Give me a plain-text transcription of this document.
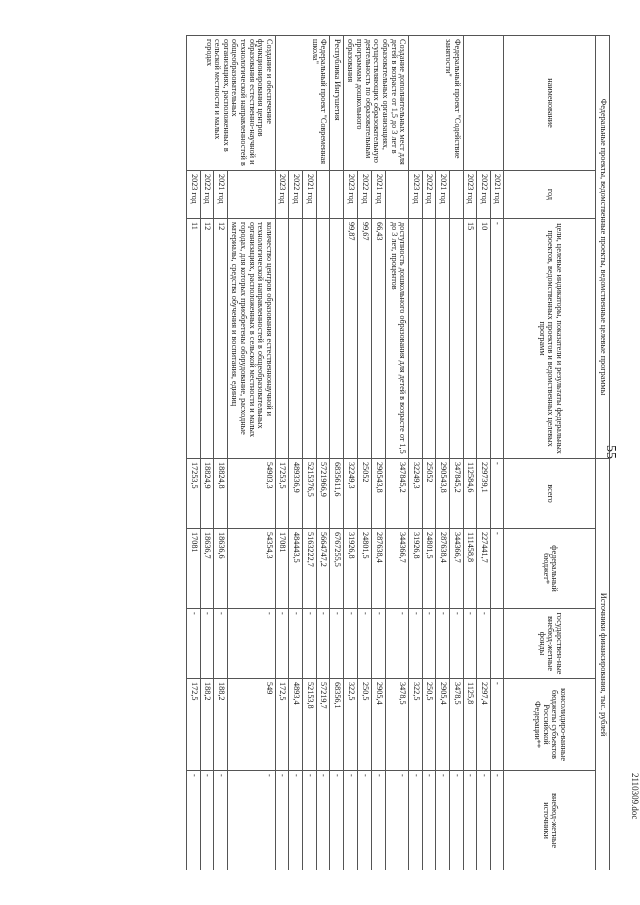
55
Федеральные проекты, ведомственные проекты, ведомственные целевые программы			Источники финансирования, тыс. рублей				
наименование	год	цели, целевые индикаторы, показатели и результаты федеральных проектов, ведомственных проектов и ведомственных целевых программ	всего	федеральный бюджет*	государствен-ные внебюд-жетные фонды	консолидиро-ванные бюджеты субъектов Российской Федерации**	внебюд-жетные источники
	2021 год	-	-	-		-	-
	2022 год	10	229739,1	227441,7	-	2297,4	-
	2023 год	15	112584,6	111458,8	-	1125,8	-
Федеральный проект "Содействие занятости"			347845,2	344366,7	-	3478,5	-
	2021 год		290543,8	287638,4	-	2905,4	-
	2022 год		25052	24801,5	-	250,5	-
	2023 год		32249,3	31926,8	-	322,5	-
Создание дополнительных мест для детей в возрасте от 1,5 до 3 лет в образовательных организациях, осуществляющих образовательную деятельность по образовательным программам дошкольного образования		доступность дошкольного образования для детей в возрасте от 1,5 до 3 лет, процентов	347845,2	344366,7	-	3478,5	-
	2021 год	66,43	290543,8	287638,4	-	2905,4	-
	2022 год	99,67	25052	24801,5	-	250,5	-
	2023 год	99,87	32249,3	31926,8	-	322,5	-
Республика Ингушетия			6835611,6	6767255,5	-	68356,1	-
Федеральный проект "Современная школа"			5721966,9	5664747,2	-	57219,7	-
	2021 год		5215376,5	5163222,7	-	52153,8	-
	2022 год		489336,9	484443,5	-	4893,4	-
	2023 год		17253,5	17081	-	172,5	-
Создание и обеспечение функционирования центров образования естественно-научной и технологической направленностей в общеобразовательных организациях, расположенных в сельской местности и малых городах		количество центров образования естественнонаучной и технологической направленностей в общеобразовательных организациях, расположенных в сельской местности и малых городах, для которых приобретены оборудование, расходные материалы, средства обучения и воспитания, единиц	54903,3	54354,3	-	549	-
	2021 год	12	18824,8	18636,6	-	188,2	-
	2022 год	12	18824,9	18636,7	-	188,2	-
	2023 год	11	17253,5	17081	-	172,5	-	2110309.doc
